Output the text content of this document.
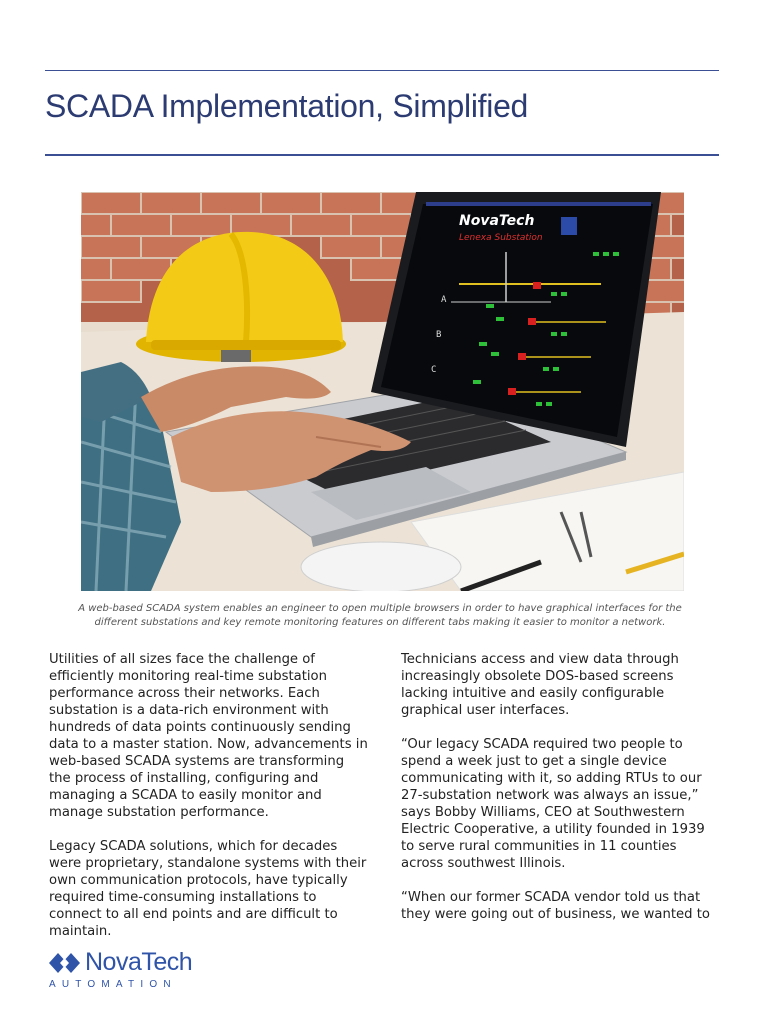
SCADA Implementation, Simplified
NovaTech
Lenexa Substation
A
B
C
A web-based SCADA system enables an engineer to open multiple browsers in order to have graphical interfaces for the different substations and key remote monitoring features on different tabs making it easier to monitor a network.

Utilities of all sizes face the challenge of efficiently monitoring real-time substation performance across their networks. Each substation is a data-rich environment with hundreds of data points continuously sending data to a master station. Now, advancements in web-based SCADA systems are transforming the process of installing, configuring and managing a SCADA to easily monitor and manage substation performance.

Legacy SCADA solutions, which for decades were proprietary, standalone systems with their own communication protocols, have typically required time-consuming installations to connect to all end points and are difficult to maintain.

Technicians access and view data through increasingly obsolete DOS-based screens lacking intuitive and easily configurable graphical user interfaces.

“Our legacy SCADA required two people to spend a week just to get a single device communicating with it, so adding RTUs to our 27-substation network was always an issue,” says Bobby Williams, CEO at Southwestern Electric Cooperative, a utility founded in 1939 to serve rural communities in 11 counties across southwest Illinois.

“When our former SCADA vendor told us that they were going out of business, we wanted to

NovaTech
AUTOMATION
